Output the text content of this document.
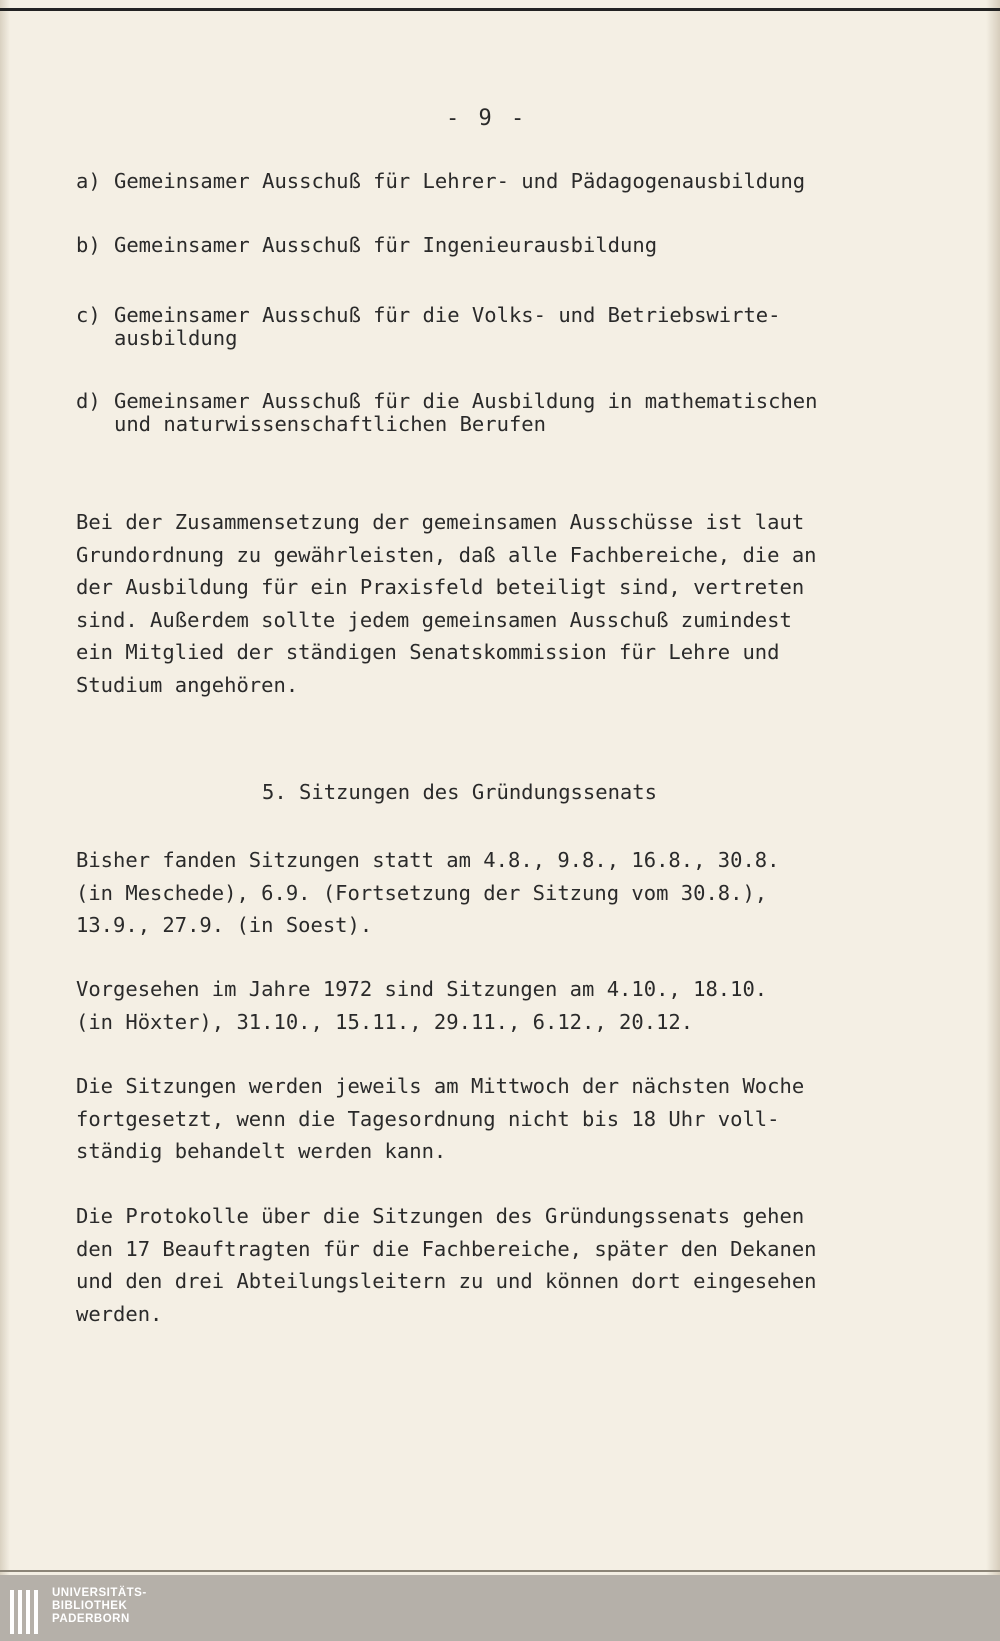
- 9 -
a) Gemeinsamer Ausschuß für Lehrer- und Pädagogenausbildung
b) Gemeinsamer Ausschuß für Ingenieurausbildung
c) Gemeinsamer Ausschuß für die Volks- und Betriebswirte-
ausbildung
d) Gemeinsamer Ausschuß für die Ausbildung in mathematischen
und naturwissenschaftlichen Berufen
Bei der Zusammensetzung der gemeinsamen Ausschüsse ist laut
Grundordnung zu gewährleisten, daß alle Fachbereiche, die an
der Ausbildung für ein Praxisfeld beteiligt sind, vertreten
sind. Außerdem sollte jedem gemeinsamen Ausschuß zumindest
ein Mitglied der ständigen Senatskommission für Lehre und
Studium angehören.
5. Sitzungen des Gründungssenats
Bisher fanden Sitzungen statt am 4.8., 9.8., 16.8., 30.8.
(in Meschede), 6.9. (Fortsetzung der Sitzung vom 30.8.),
13.9., 27.9. (in Soest).
Vorgesehen im Jahre 1972 sind Sitzungen am 4.10., 18.10.
(in Höxter), 31.10., 15.11., 29.11., 6.12., 20.12.
Die Sitzungen werden jeweils am Mittwoch der nächsten Woche
fortgesetzt, wenn die Tagesordnung nicht bis 18 Uhr voll-
ständig behandelt werden kann.
Die Protokolle über die Sitzungen des Gründungssenats gehen
den 17 Beauftragten für die Fachbereiche, später den Dekanen
und den drei Abteilungsleitern zu und können dort eingesehen
werden.
UNIVERSITÄTS-
BIBLIOTHEK
PADERBORN
